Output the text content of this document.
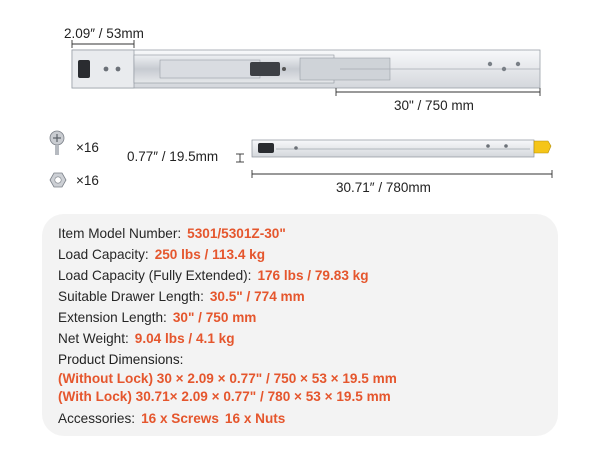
2.09″ / 53mm
30" / 750 mm
0.77″ / 19.5mm
30.71″ / 780mm
×16
×16
Item Model Number: 5301/5301Z-30"
Load Capacity: 250 lbs / 113.4 kg
Load Capacity (Fully Extended): 176 lbs / 79.83 kg
Suitable Drawer Length: 30.5" / 774 mm
Extension Length: 30" / 750 mm
Net Weight: 9.04 lbs / 4.1 kg
Product Dimensions:
(Without Lock) 30 × 2.09 × 0.77" / 750 × 53 × 19.5 mm
(With Lock) 30.71× 2.09 × 0.77" / 780 × 53 × 19.5 mm
Accessories: 16 x Screws 16 x Nuts
